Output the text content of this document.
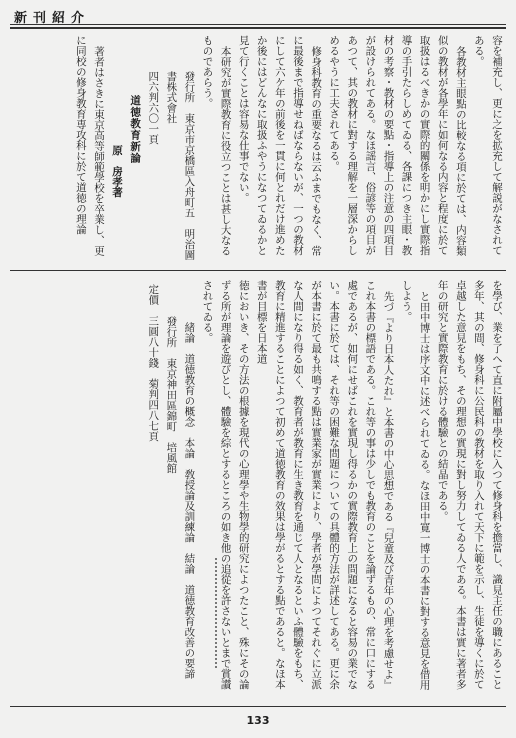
新刊紹介

容を補充し、更に之を拡充して解説がなされてある。

各教材主眼點の比較なる項に於ては、内容類似の教材が各學年に如何なる内容と程度に於て取扱はるべきかの實際的關係を明かにし實際指導の手引たらしめてゐる、各課につき主眼・教材の考察・教材の要點・指導上の注意の四項目が設けられてある。なほ謡言、俗諺等の項目があつて、其の教材に對する理解を一層深からしめるやうに工夫されてある。

修身科教育の重要なるは云ふまでもなく、常に最後まで指導せねばならないが、一つの教材にして六ケ年の前後を一貫に何とれだけ進めたか後にはどんなに取扱ふやうになつてゐるかと見て行くことは容易な仕事でない。

本研究が實際教育に役立つことは甚し大なるものであらう。

發行所　東京市京橋區入舟町五　明治圖書株式會社

四六判六〇一頁

道徳教育新論
原　房孝著

著者はさきに東京高等師範學校を卒業し、更に同校の修身教育専攻科に於て道徳の理論

を學び、業を了へて直に附屬中學校に入つて修身科を擔當し、識見主任の職にあること多年、其の間、修身科に公民科の教材を取り入れて天下に範を示し、生徒を導くに於て卓越した意見をもち、その理想の實現に對し努力してゐる人である。本書は實に著者多年の研究と實際教育に於ける體驗との結晶である。

と田中博士は序文中に述べられてゐる。なほ田中寛一博士の本書に對する意見を借用しよう。

先づ『より日本人たれ』と本書の中心思想である『兒童及び青年の心理を考慮せよ』これ本書の標語である。これ等の事は少しでも教育のことを論ずるもの、常に口にする處であるが、如何にせばこれを實現し得るかの實際教育上の問題になると容易の業でない。本書に於ては、それ等の困難な問題についての具體的方法が詳述してある。更に余が本書に於て最も共鳴する點は實業家が實業により、學者が學問によつてそれぐに立派な人間になり得る如く、教育者が教育に生き教育を通じて人となるといふ體驗をもち、教育に精進することによつて初めて道徳教育の效果は學がるとする點であると。なほ本書が目標を日本道

徳においき、その方法の根據を現代の心理學や生物學的研究によつたこと、殊にその論ずる所が理論を遊びとし、體驗を綜とするところの如き他の追從を許さないとまで賞讃されてゐる。

緒論　道徳教育の概念　本論　敎授論及訓練論　結論　道徳教育改善の要諦

發行所　東京神田區錦町　培風館

定價　三圓八十錢　菊判四八七頁

133
